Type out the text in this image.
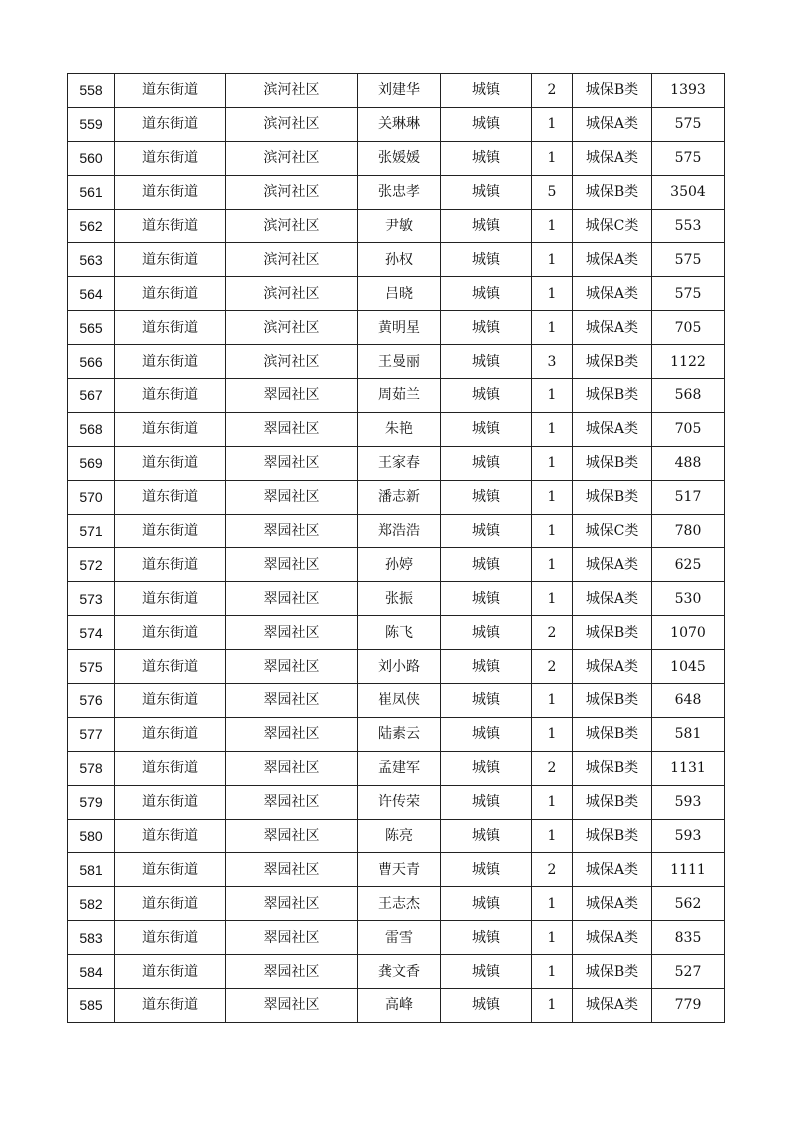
558	道东街道	滨河社区	刘建华	城镇	2	城保B类	1393
559	道东街道	滨河社区	关琳琳	城镇	1	城保A类	575
560	道东街道	滨河社区	张媛媛	城镇	1	城保A类	575
561	道东街道	滨河社区	张忠孝	城镇	5	城保B类	3504
562	道东街道	滨河社区	尹敏	城镇	1	城保C类	553
563	道东街道	滨河社区	孙权	城镇	1	城保A类	575
564	道东街道	滨河社区	吕晓	城镇	1	城保A类	575
565	道东街道	滨河社区	黄明星	城镇	1	城保A类	705
566	道东街道	滨河社区	王曼丽	城镇	3	城保B类	1122
567	道东街道	翠园社区	周茹兰	城镇	1	城保B类	568
568	道东街道	翠园社区	朱艳	城镇	1	城保A类	705
569	道东街道	翠园社区	王家春	城镇	1	城保B类	488
570	道东街道	翠园社区	潘志新	城镇	1	城保B类	517
571	道东街道	翠园社区	郑浩浩	城镇	1	城保C类	780
572	道东街道	翠园社区	孙婷	城镇	1	城保A类	625
573	道东街道	翠园社区	张振	城镇	1	城保A类	530
574	道东街道	翠园社区	陈飞	城镇	2	城保B类	1070
575	道东街道	翠园社区	刘小路	城镇	2	城保A类	1045
576	道东街道	翠园社区	崔凤侠	城镇	1	城保B类	648
577	道东街道	翠园社区	陆素云	城镇	1	城保B类	581
578	道东街道	翠园社区	孟建军	城镇	2	城保B类	1131
579	道东街道	翠园社区	许传荣	城镇	1	城保B类	593
580	道东街道	翠园社区	陈亮	城镇	1	城保B类	593
581	道东街道	翠园社区	曹天青	城镇	2	城保A类	1111
582	道东街道	翠园社区	王志杰	城镇	1	城保A类	562
583	道东街道	翠园社区	雷雪	城镇	1	城保A类	835
584	道东街道	翠园社区	龚文香	城镇	1	城保B类	527
585	道东街道	翠园社区	高峰	城镇	1	城保A类	779
